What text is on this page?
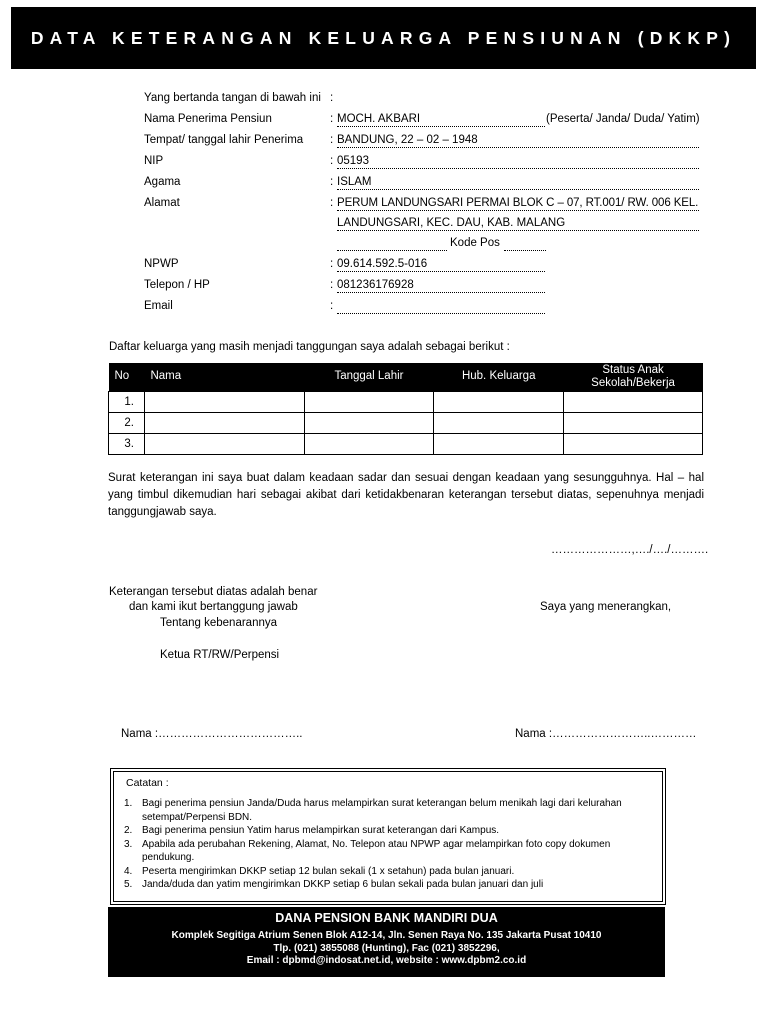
DATA KETERANGAN KELUARGA PENSIUNAN (DKKP)
Yang bertanda tangan di bawah ini :
Nama Penerima Pensiun	: MOCH. AKBARI	(Peserta/ Janda/ Duda/ Yatim)
Tempat/ tanggal lahir Penerima : BANDUNG, 22 – 02 – 1948
NIP	: 05193
Agama	: ISLAM
Alamat	: PERUM LANDUNGSARI PERMAI BLOK C – 07, RT.001/ RW. 006 KEL.
LANDUNGSARI, KEC. DAU, KAB. MALANG
Kode Pos
NPWP	: 09.614.592.5-016
Telepon / HP	: 081236176928
Email	:
Daftar keluarga yang masih menjadi tanggungan saya adalah sebagai berikut :
No	Nama	Tanggal Lahir	Hub. Keluarga	Status Anak
Sekolah/Bekerja
1.				
2.				
3.				
Surat keterangan ini saya buat dalam keadaan sadar dan sesuai dengan keadaan yang sesungguhnya. Hal – hal yang timbul dikemudian hari sebagai akibat dari ketidakbenaran keterangan tersebut diatas, sepenuhnya menjadi tanggungjawab saya.
…………………,…./…./……….
Keterangan tersebut diatas adalah benar
dan kami ikut bertanggung jawab
Tentang kebenarannya
Ketua RT/RW/Perpensi
Nama :………………………………..
Saya yang menerangkan,
Nama :……………………..…………
Catatan :
1. Bagi penerima pensiun Janda/Duda harus melampirkan surat keterangan belum menikah lagi dari kelurahan
setempat/Perpensi BDN.
2. Bagi penerima pensiun Yatim harus melampirkan surat keterangan dari Kampus.
3. Apabila ada perubahan Rekening, Alamat, No. Telepon atau NPWP agar melampirkan foto copy dokumen
pendukung.
4. Peserta mengirimkan DKKP setiap 12 bulan sekali (1 x setahun) pada bulan januari.
5. Janda/duda dan yatim mengirimkan DKKP setiap 6 bulan sekali pada bulan januari dan juli
DANA PENSION BANK MANDIRI DUA
Komplek Segitiga Atrium Senen Blok A12-14, Jln. Senen Raya No. 135 Jakarta Pusat 10410
Tlp. (021) 3855088 (Hunting), Fac (021) 3852296,
Email : dpbmd@indosat.net.id, website : www.dpbm2.co.id
